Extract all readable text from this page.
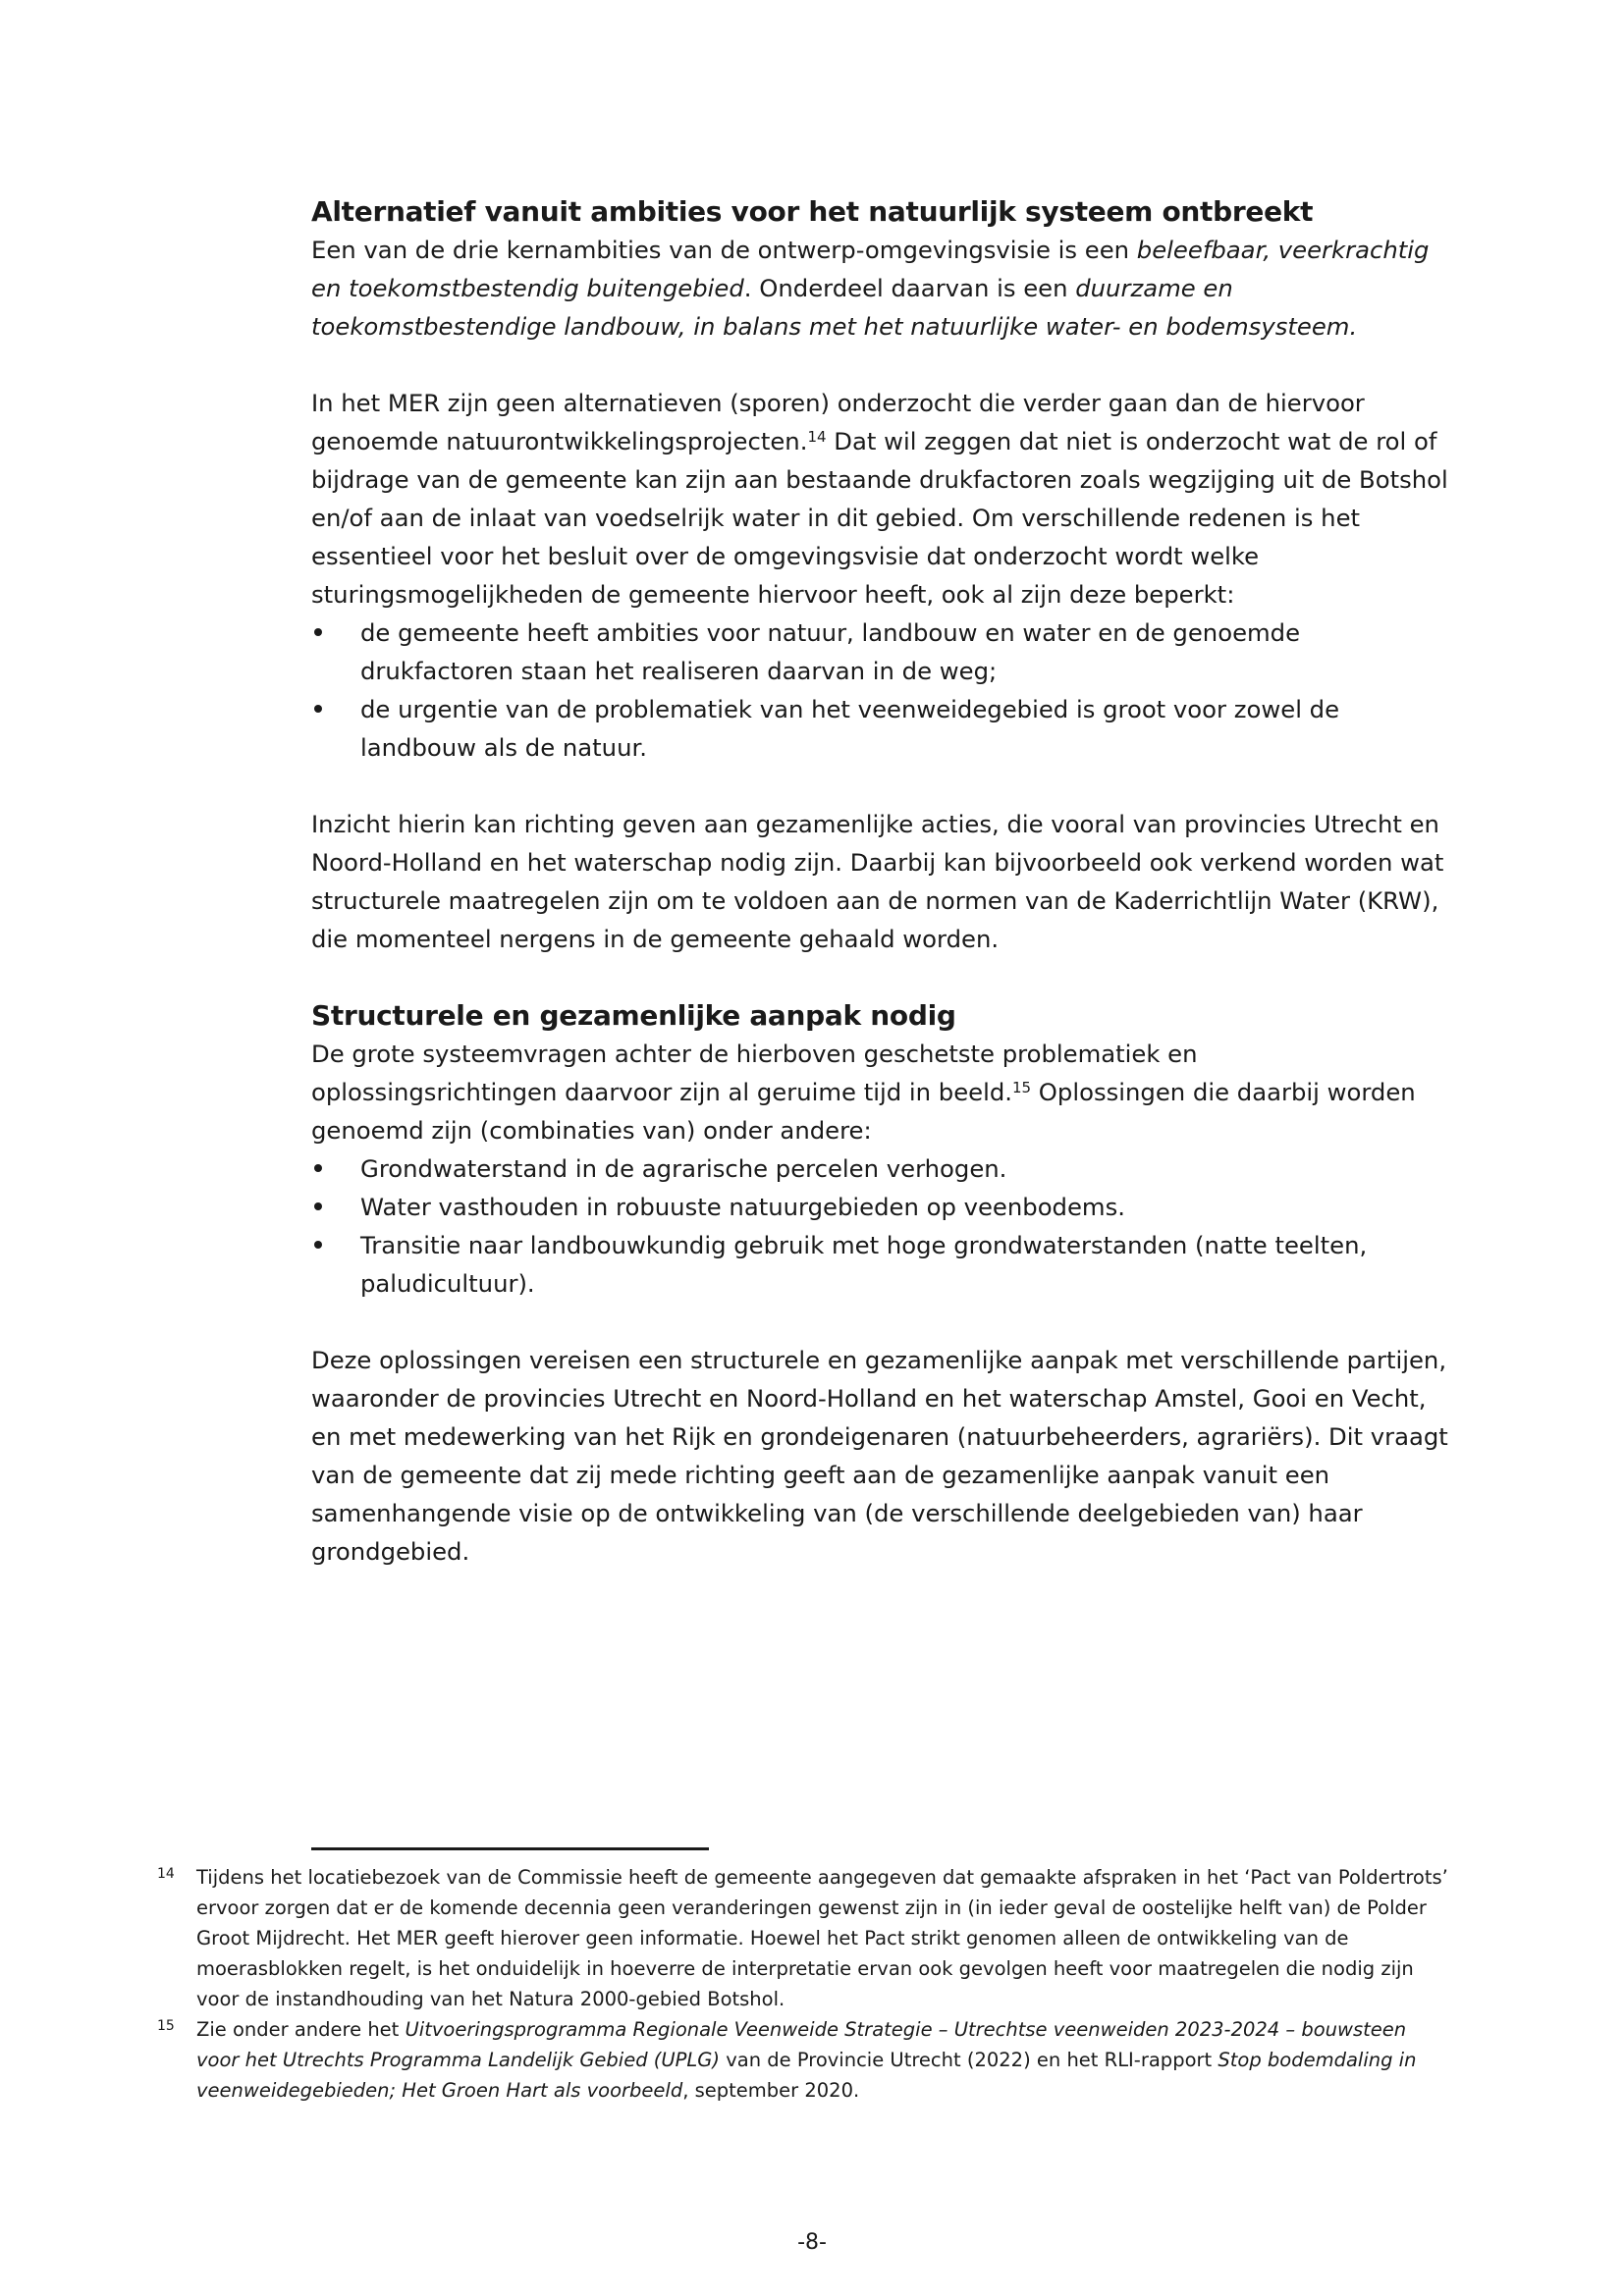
Alternatief vanuit ambities voor het natuurlijk systeem ontbreekt

Een van de drie kernambities van de ontwerp-omgevingsvisie is een beleefbaar, veerkrachtig en toekomstbestendig buitengebied. Onderdeel daarvan is een duurzame en toekomstbestendige landbouw, in balans met het natuurlijke water- en bodemsysteem.

In het MER zijn geen alternatieven (sporen) onderzocht die verder gaan dan de hiervoor genoemde natuurontwikkelingsprojecten.$^{14}$ Dat wil zeggen dat niet is onderzocht wat de rol of bijdrage van de gemeente kan zijn aan bestaande drukfactoren zoals wegzijging uit de Botshol en/of aan de inlaat van voedselrijk water in dit gebied. Om verschillende redenen is het essentieel voor het besluit over de omgevingsvisie dat onderzocht wordt welke sturingsmogelijkheden de gemeente hiervoor heeft, ook al zijn deze beperkt:

de gemeente heeft ambities voor natuur, landbouw en water en de genoemde drukfactoren staan het realiseren daarvan in de weg;
de urgentie van de problematiek van het veenweidegebied is groot voor zowel de landbouw als de natuur.

Inzicht hierin kan richting geven aan gezamenlijke acties, die vooral van provincies Utrecht en Noord-Holland en het waterschap nodig zijn. Daarbij kan bijvoorbeeld ook verkend worden wat structurele maatregelen zijn om te voldoen aan de normen van de Kaderrichtlijn Water (KRW), die momenteel nergens in de gemeente gehaald worden.

Structurele en gezamenlijke aanpak nodig

De grote systeemvragen achter de hierboven geschetste problematiek en oplossingsrichtingen daarvoor zijn al geruime tijd in beeld.$^{15}$ Oplossingen die daarbij worden genoemd zijn (combinaties van) onder andere:

Grondwaterstand in de agrarische percelen verhogen.
Water vasthouden in robuuste natuurgebieden op veenbodems.
Transitie naar landbouwkundig gebruik met hoge grondwaterstanden (natte teelten, paludicultuur).

Deze oplossingen vereisen een structurele en gezamenlijke aanpak met verschillende partijen, waaronder de provincies Utrecht en Noord-Holland en het waterschap Amstel, Gooi en Vecht, en met medewerking van het Rijk en grondeigenaren (natuurbeheerders, agrariërs). Dit vraagt van de gemeente dat zij mede richting geeft aan de gezamenlijke aanpak vanuit een samenhangende visie op de ontwikkeling van (de verschillende deelgebieden van) haar grondgebied.

14 Tijdens het locatiebezoek van de Commissie heeft de gemeente aangegeven dat gemaakte afspraken in het ‘Pact van Poldertrots’ ervoor zorgen dat er de komende decennia geen veranderingen gewenst zijn in (in ieder geval de oostelijke helft van) de Polder Groot Mijdrecht. Het MER geeft hierover geen informatie. Hoewel het Pact strikt genomen alleen de ontwikkeling van de moerasblokken regelt, is het onduidelijk in hoeverre de interpretatie ervan ook gevolgen heeft voor maatregelen die nodig zijn voor de instandhouding van het Natura 2000-gebied Botshol.
15 Zie onder andere het Uitvoeringsprogramma Regionale Veenweide Strategie – Utrechtse veenweiden 2023-2024 – bouwsteen voor het Utrechts Programma Landelijk Gebied (UPLG) van de Provincie Utrecht (2022) en het RLI-rapport Stop bodemdaling in veenweidegebieden; Het Groen Hart als voorbeeld, september 2020.
-8-
